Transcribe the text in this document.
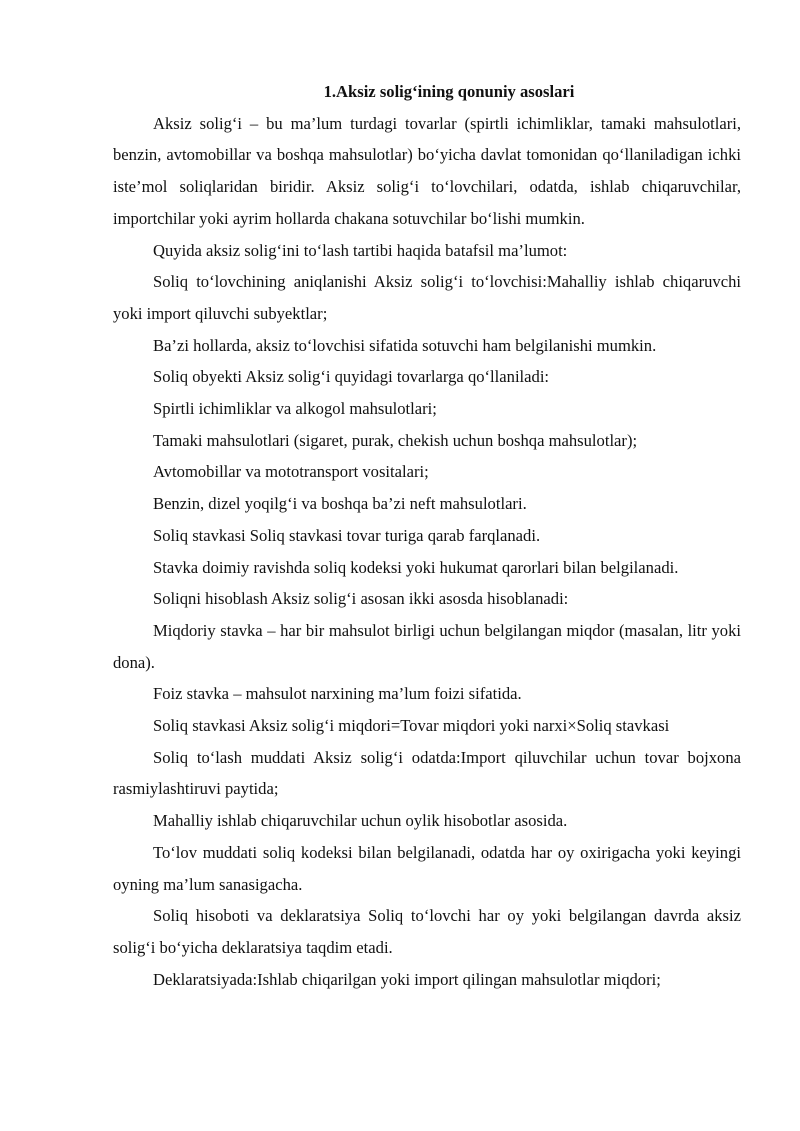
1.Aksiz solig‘ining qonuniy asoslari

Aksiz solig‘i – bu ma’lum turdagi tovarlar (spirtli ichimliklar, tamaki mahsulotlari, benzin, avtomobillar va boshqa mahsulotlar) bo‘yicha davlat tomonidan qo‘llaniladigan ichki iste’mol soliqlaridan biridir. Aksiz solig‘i to‘lovchilari, odatda, ishlab chiqaruvchilar, importchilar yoki ayrim hollarda chakana sotuvchilar bo‘lishi mumkin.

Quyida aksiz solig‘ini to‘lash tartibi haqida batafsil ma’lumot:

Soliq to‘lovchining aniqlanishi Aksiz solig‘i to‘lovchisi:Mahalliy ishlab chiqaruvchi yoki import qiluvchi subyektlar;

Ba’zi hollarda, aksiz to‘lovchisi sifatida sotuvchi ham belgilanishi mumkin.

Soliq obyekti Aksiz solig‘i quyidagi tovarlarga qo‘llaniladi:

Spirtli ichimliklar va alkogol mahsulotlari;

Tamaki mahsulotlari (sigaret, purak, chekish uchun boshqa mahsulotlar);

Avtomobillar va mototransport vositalari;

Benzin, dizel yoqilg‘i va boshqa ba’zi neft mahsulotlari.

Soliq stavkasi Soliq stavkasi tovar turiga qarab farqlanadi.

Stavka doimiy ravishda soliq kodeksi yoki hukumat qarorlari bilan belgilanadi.

Soliqni hisoblash Aksiz solig‘i asosan ikki asosda hisoblanadi:

Miqdoriy stavka – har bir mahsulot birligi uchun belgilangan miqdor (masalan, litr yoki dona).

Foiz stavka – mahsulot narxining ma’lum foizi sifatida.

Soliq stavkasi Aksiz solig‘i miqdori=Tovar miqdori yoki narxi×Soliq stavkasi

Soliq to‘lash muddati Aksiz solig‘i odatda:Import qiluvchilar uchun tovar bojxona rasmiylashtiruvi paytida;

Mahalliy ishlab chiqaruvchilar uchun oylik hisobotlar asosida.

To‘lov muddati soliq kodeksi bilan belgilanadi, odatda har oy oxirigacha yoki keyingi oyning ma’lum sanasigacha.

Soliq hisoboti va deklaratsiya Soliq to‘lovchi har oy yoki belgilangan davrda aksiz solig‘i bo‘yicha deklaratsiya taqdim etadi.

Deklaratsiyada:Ishlab chiqarilgan yoki import qilingan mahsulotlar miqdori;
